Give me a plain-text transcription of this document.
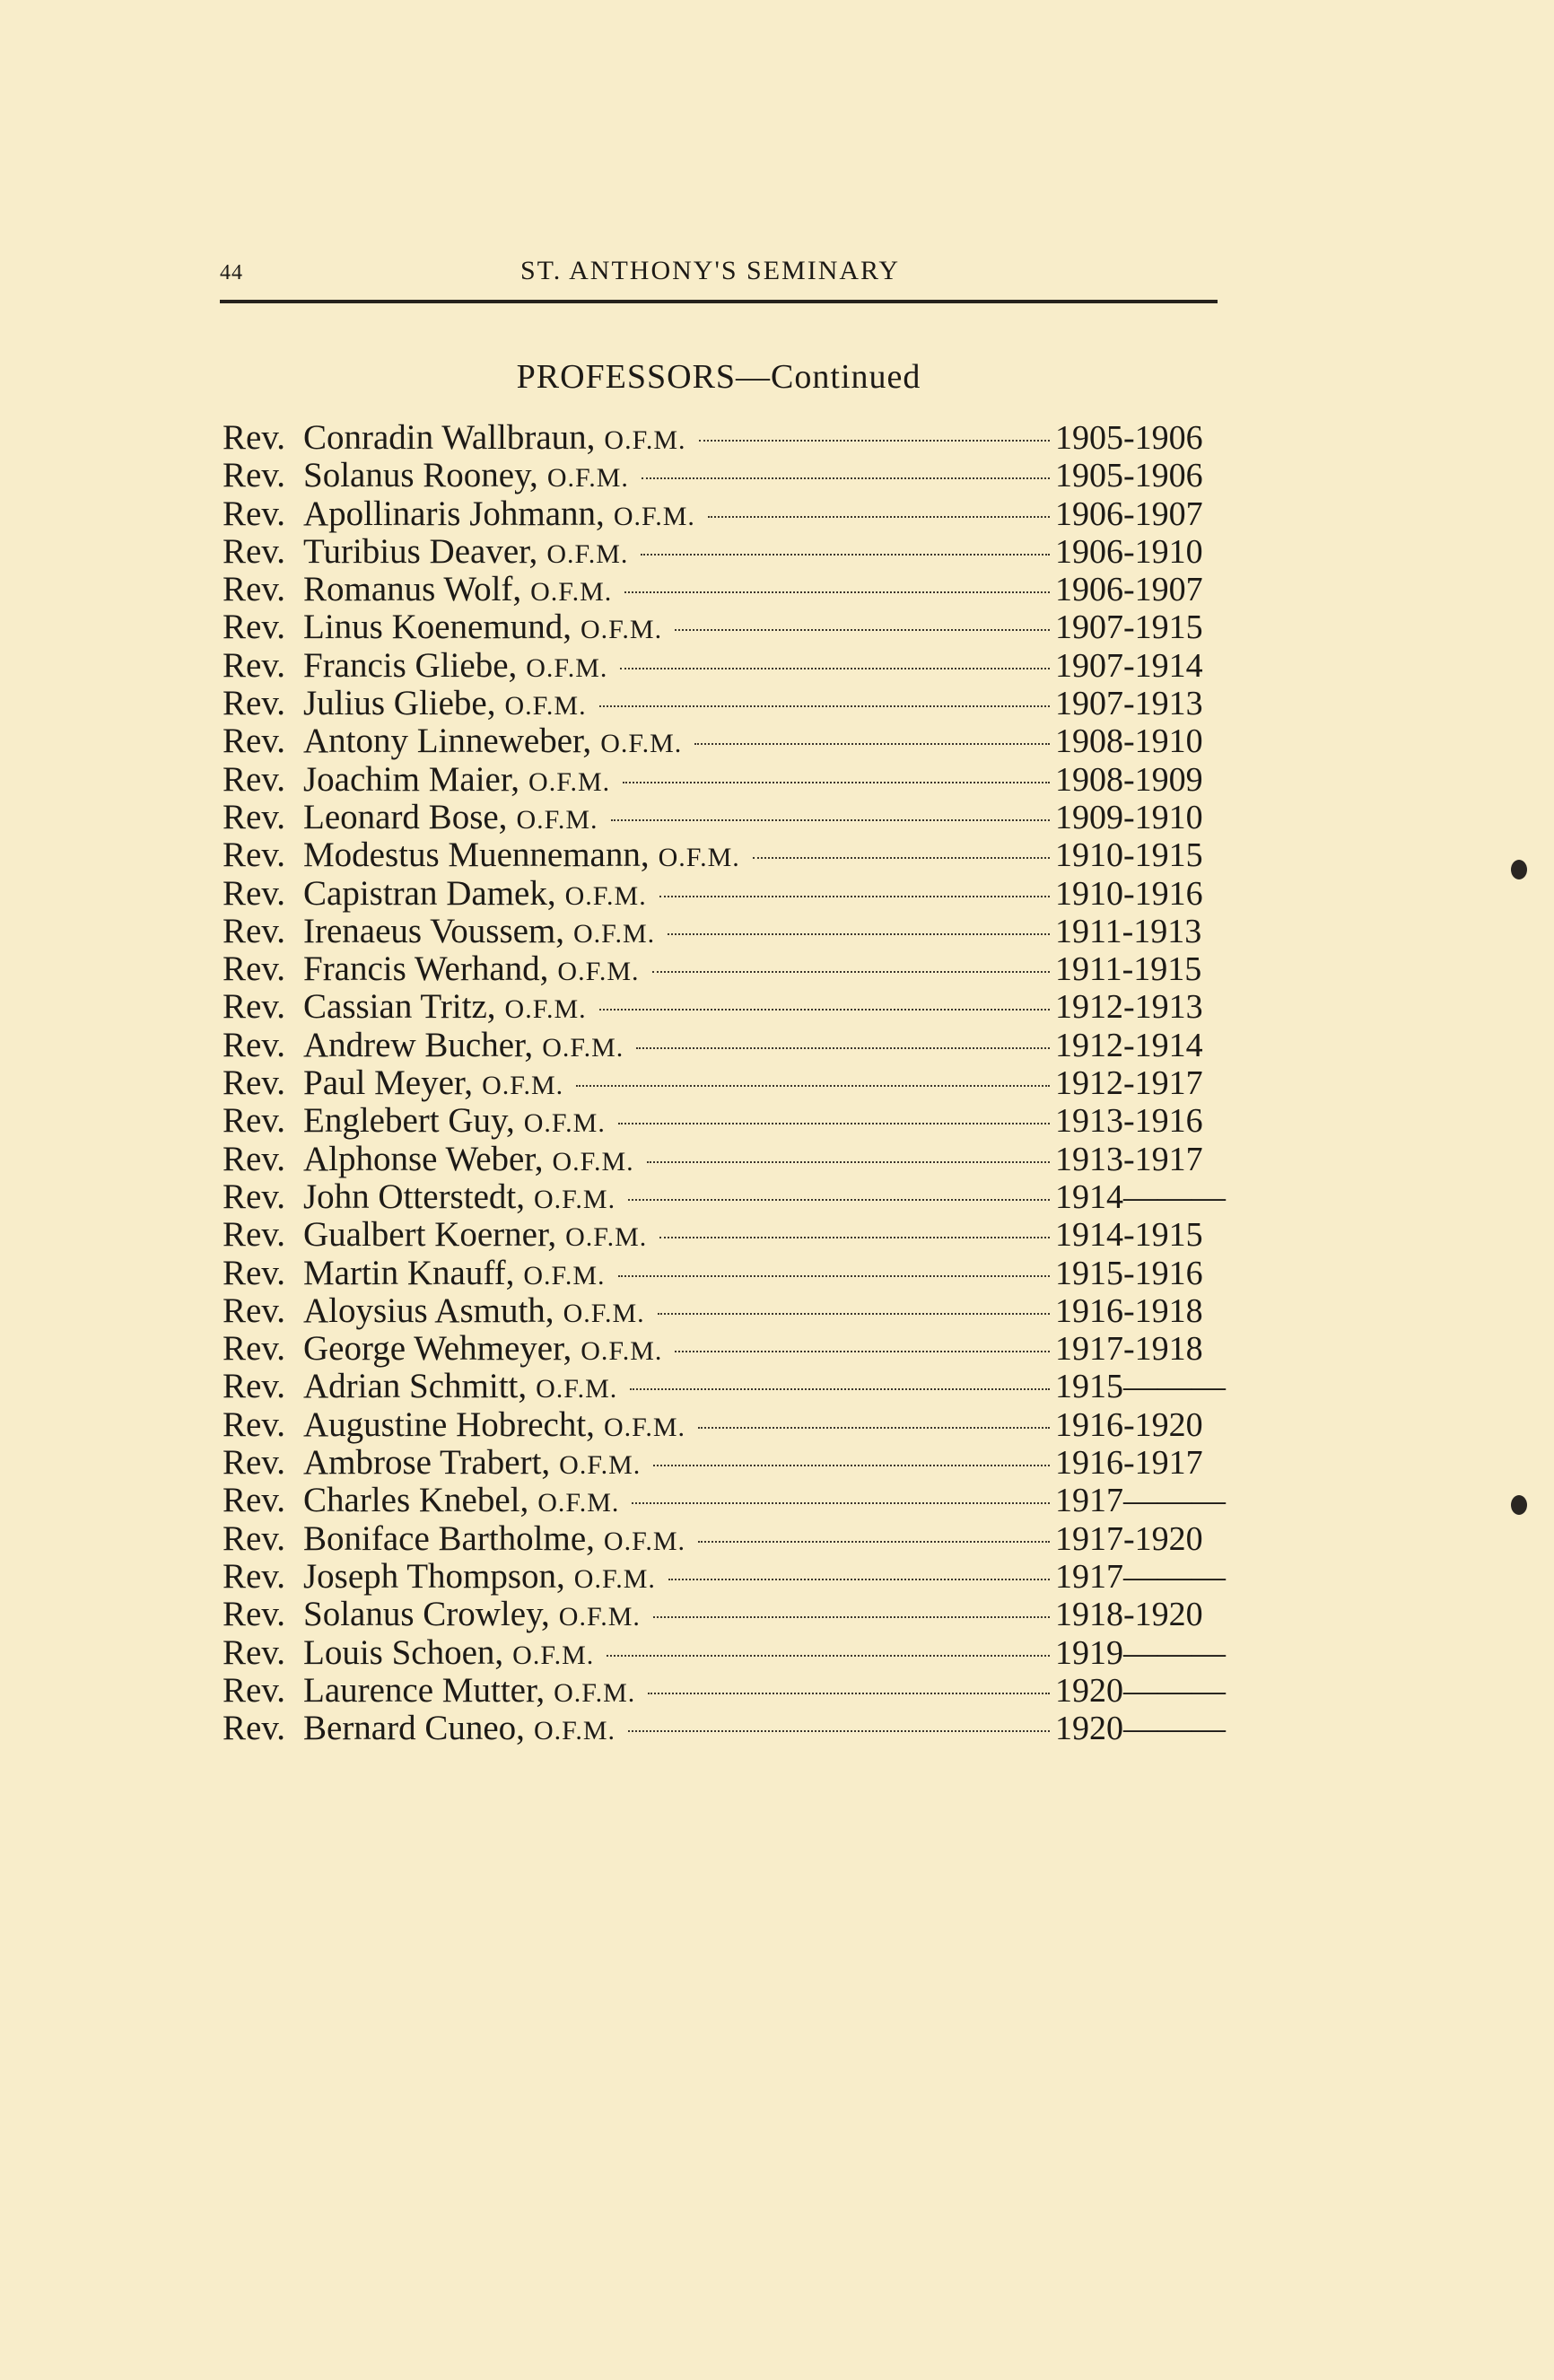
44	ST. ANTHONY'S SEMINARY
PROFESSORS—Continued
Rev. Conradin Wallbraun, O.F.M.	1905-1906
Rev. Solanus Rooney, O.F.M.	1905-1906
Rev. Apollinaris Johmann, O.F.M.	1906-1907
Rev. Turibius Deaver, O.F.M.	1906-1910
Rev. Romanus Wolf, O.F.M.	1906-1907
Rev. Linus Koenemund, O.F.M.	1907-1915
Rev. Francis Gliebe, O.F.M.	1907-1914
Rev. Julius Gliebe, O.F.M.	1907-1913
Rev. Antony Linneweber, O.F.M.	1908-1910
Rev. Joachim Maier, O.F.M.	1908-1909
Rev. Leonard Bose, O.F.M.	1909-1910
Rev. Modestus Muennemann, O.F.M.	1910-1915
Rev. Capistran Damek, O.F.M.	1910-1916
Rev. Irenaeus Voussem, O.F.M.	1911-1913
Rev. Francis Werhand, O.F.M.	1911-1915
Rev. Cassian Tritz, O.F.M.	1912-1913
Rev. Andrew Bucher, O.F.M.	1912-1914
Rev. Paul Meyer, O.F.M.	1912-1917
Rev. Englebert Guy, O.F.M.	1913-1916
Rev. Alphonse Weber, O.F.M.	1913-1917
Rev. John Otterstedt, O.F.M.	1914———
Rev. Gualbert Koerner, O.F.M.	1914-1915
Rev. Martin Knauff, O.F.M.	1915-1916
Rev. Aloysius Asmuth, O.F.M.	1916-1918
Rev. George Wehmeyer, O.F.M.	1917-1918
Rev. Adrian Schmitt, O.F.M.	1915———
Rev. Augustine Hobrecht, O.F.M.	1916-1920
Rev. Ambrose Trabert, O.F.M.	1916-1917
Rev. Charles Knebel, O.F.M.	1917———
Rev. Boniface Bartholme, O.F.M.	1917-1920
Rev. Joseph Thompson, O.F.M.	1917———
Rev. Solanus Crowley, O.F.M.	1918-1920
Rev. Louis Schoen, O.F.M.	1919———
Rev. Laurence Mutter, O.F.M.	1920———
Rev. Bernard Cuneo, O.F.M.	1920———
